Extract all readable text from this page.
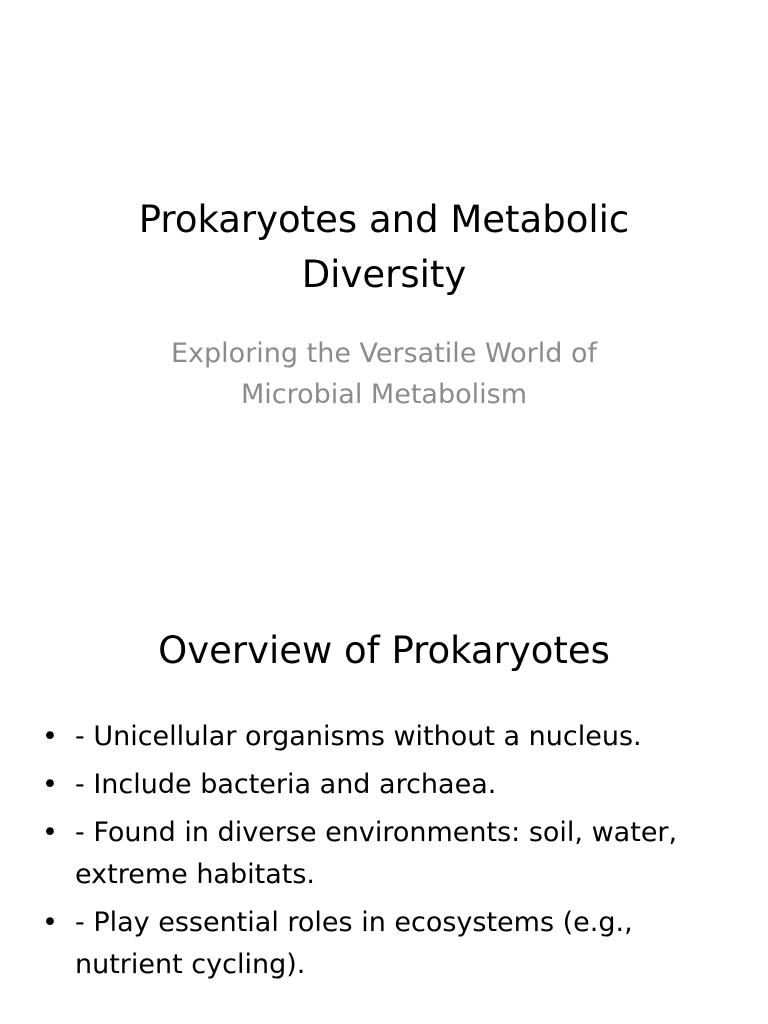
Prokaryotes and Metabolic Diversity
Exploring the Versatile World of Microbial Metabolism
Overview of Prokaryotes
• - Unicellular organisms without a nucleus.
• - Include bacteria and archaea.
• - Found in diverse environments: soil, water, extreme habitats.
• - Play essential roles in ecosystems (e.g., nutrient cycling).
